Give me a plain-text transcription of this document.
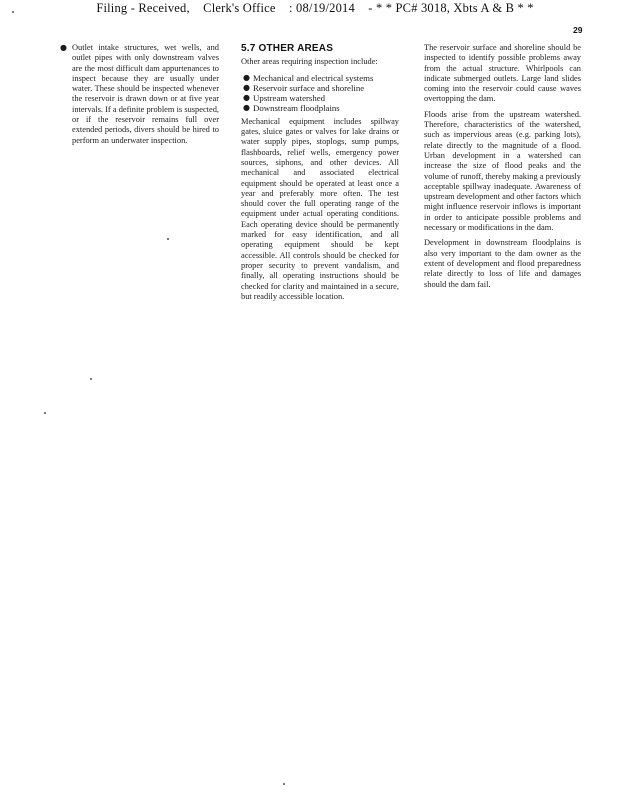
Filing - Received, Clerk's Office : 08/19/2014 - * * PC# 3018, Xbts A & B * *
29

● Outlet intake structures, wet wells, and outlet pipes with only downstream valves are the most difficult dam appurtenances to inspect because they are usually under water. These should be inspected whenever the reservoir is drawn down or at five year intervals. If a definite problem is suspected, or if the reservoir remains full over extended periods, divers should be hired to perform an underwater inspection.

5.7 OTHER AREAS

Other areas requiring inspection include:

● Mechanical and electrical systems
● Reservoir surface and shoreline
● Upstream watershed
● Downstream floodplains

Mechanical equipment includes spillway gates, sluice gates or valves for lake drains or water supply pipes, stoplogs, sump pumps, flashboards, relief wells, emergency power sources, siphons, and other devices. All mechanical and associated electrical equipment should be operated at least once a year and preferably more often. The test should cover the full operating range of the equipment under actual operating conditions. Each operating device should be permanently marked for easy identification, and all operating equipment should be kept accessible. All controls should be checked for proper security to prevent vandalism, and finally, all operating instructions should be checked for clarity and maintained in a secure, but readily accessible location.

The reservoir surface and shoreline should be inspected to identify possible problems away from the actual structure. Whirlpools can indicate submerged outlets. Large land slides coming into the reservoir could cause waves overtopping the dam.

Floods arise from the upstream watershed. Therefore, characteristics of the watershed, such as impervious areas (e.g. parking lots), relate directly to the magnitude of a flood. Urban development in a watershed can increase the size of flood peaks and the volume of runoff, thereby making a previously acceptable spillway inadequate. Awareness of upstream development and other factors which might influence reservoir inflows is important in order to anticipate possible problems and necessary or modifications in the dam.

Development in downstream floodplains is also very important to the dam owner as the extent of development and flood preparedness relate directly to loss of life and damages should the dam fail.
